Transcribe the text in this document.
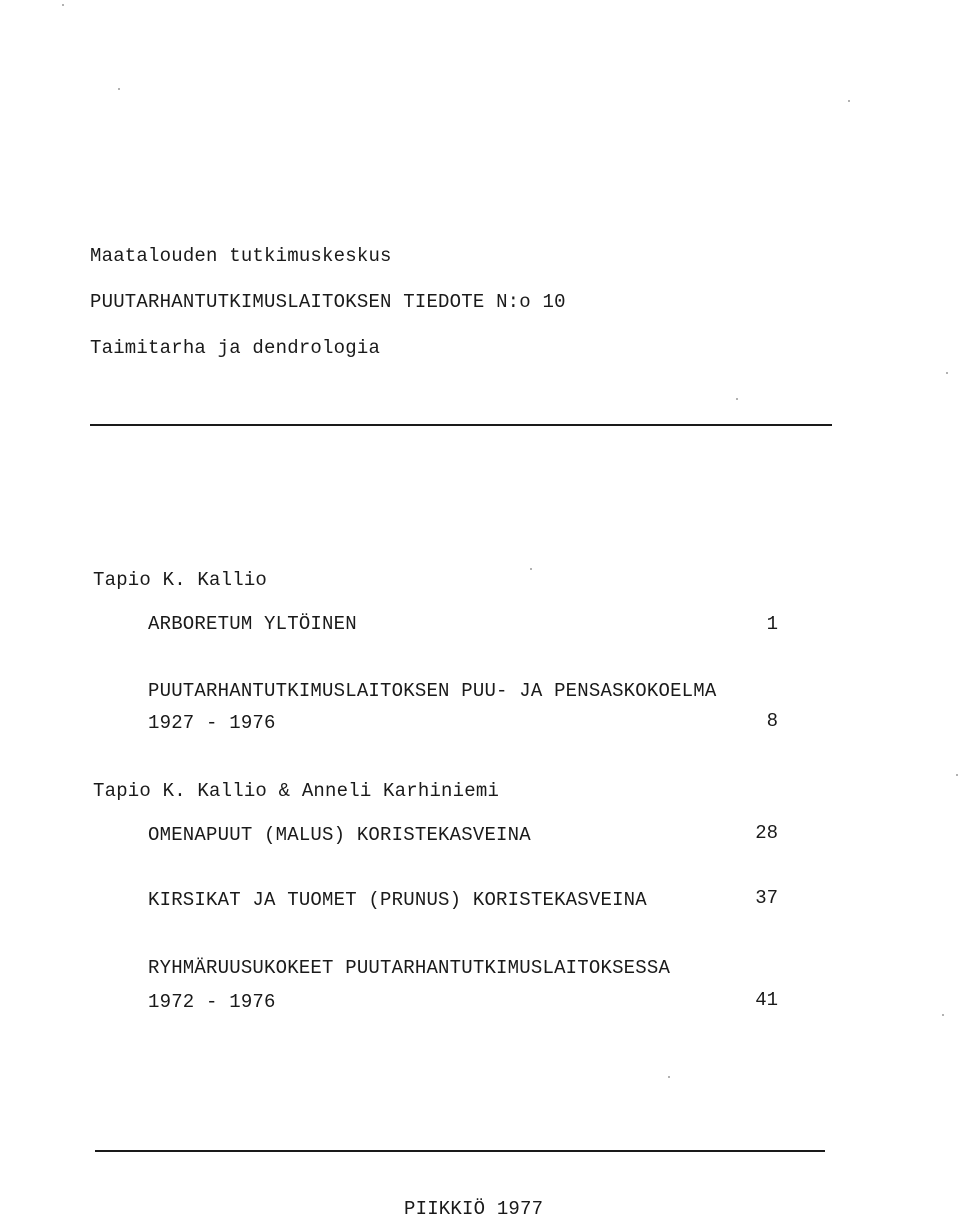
Maatalouden tutkimuskeskus
PUUTARHANTUTKIMUSLAITOKSEN TIEDOTE N:o 10
Taimitarha ja dendrologia
Tapio K. Kallio
ARBORETUM YLTÖINEN	1
PUUTARHANTUTKIMUSLAITOKSEN PUU- JA PENSASKOKOELMA
1927 - 1976	8
Tapio K. Kallio & Anneli Karhiniemi
OMENAPUUT (MALUS) KORISTEKASVEINA	28
KIRSIKAT JA TUOMET (PRUNUS) KORISTEKASVEINA	37
RYHMÄRUUSUKOKEET PUUTARHANTUTKIMUSLAITOKSESSA
1972 - 1976	41
PIIKKIÖ 1977
